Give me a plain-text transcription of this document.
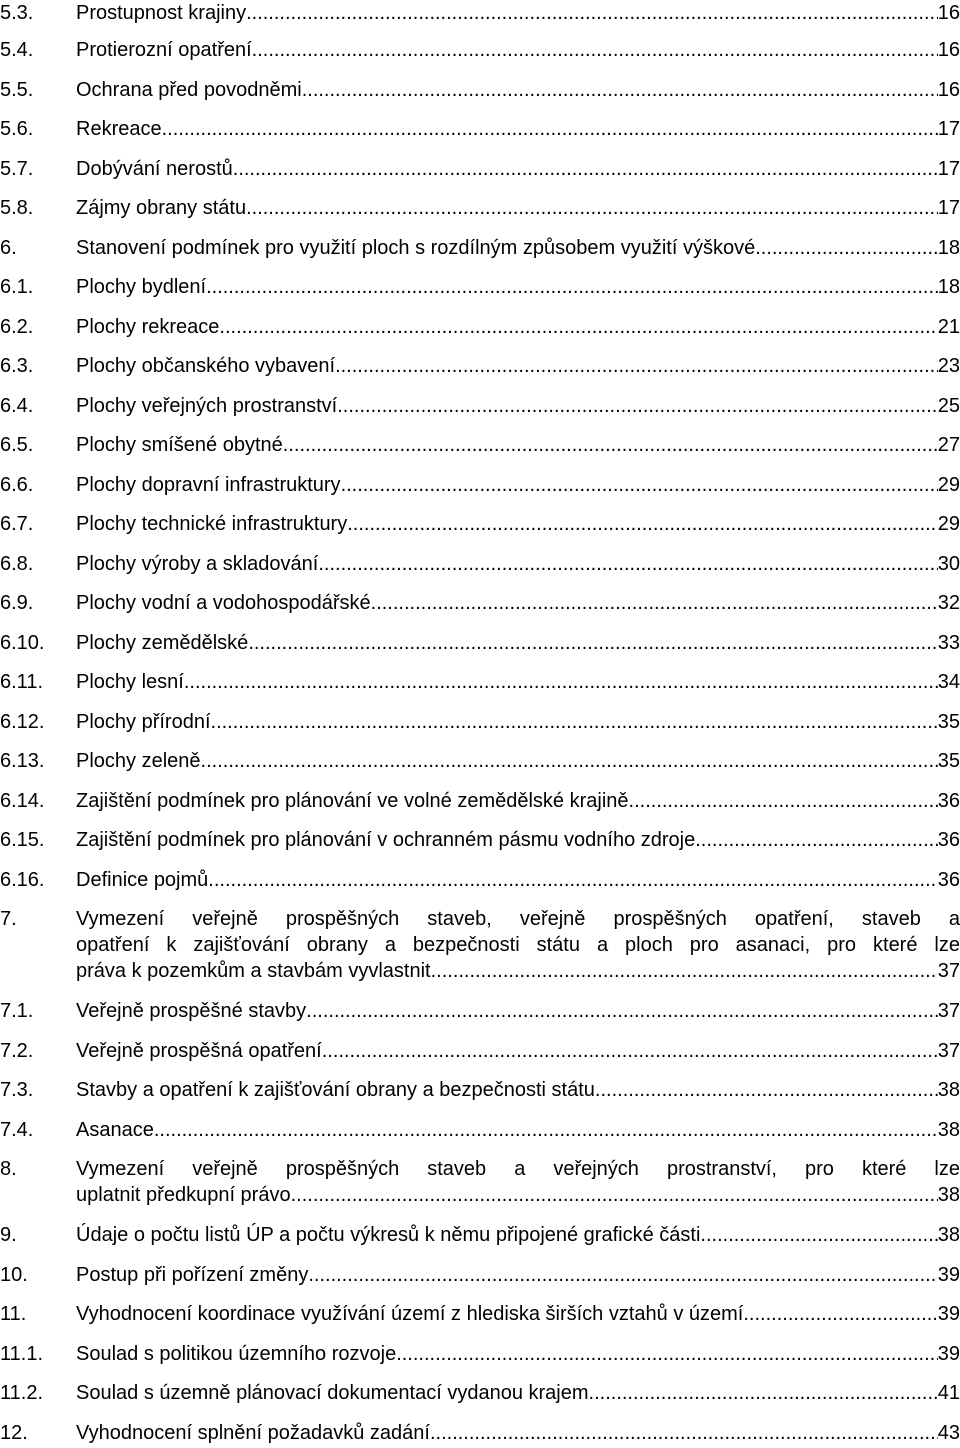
5.3. Prostupnost krajiny .....	16
5.4. Protierozní opatření .....	16
5.5. Ochrana před povodněmi .....	16
5.6. Rekreace .....	17
5.7. Dobývání nerostů .....	17
5.8. Zájmy obrany státu .....	17
6.	Stanovení podmínek pro využití ploch s rozdílným způsobem využití výškové .....	18
6.1. Plochy bydlení .....	18
6.2. Plochy rekreace .....	21
6.3. Plochy občanského vybavení .....	23
6.4. Plochy veřejných prostranství .....	25
6.5. Plochy smíšené obytné .....	27
6.6. Plochy dopravní infrastruktury .....	29
6.7. Plochy technické infrastruktury .....	29
6.8. Plochy výroby a skladování .....	30
6.9. Plochy vodní a vodohospodářské .....	32
6.10. Plochy zemědělské .....	33
6.11. Plochy lesní .....	34
6.12. Plochy přírodní .....	35
6.13. Plochy zeleně .....	35
6.14. Zajištění podmínek pro plánování ve volné zemědělské krajině .....	36
6.15. Zajištění podmínek pro plánování v ochranném pásmu vodního zdroje .....	36
6.16. Definice pojmů .....	36
7.	Vymezení veřejně prospěšných staveb, veřejně prospěšných opatření, staveb a
opatření k zajišťování obrany a bezpečnosti státu a ploch pro asanaci, pro které lze
práva k pozemkům a stavbám vyvlastnit .....	37
7.1. Veřejně prospěšné stavby .....	37
7.2. Veřejně prospěšná opatření .....	37
7.3. Stavby a opatření k zajišťování obrany a bezpečnosti státu .....	38
7.4. Asanace .....	38
8.	Vymezení veřejně prospěšných staveb a veřejných prostranství, pro které lze
uplatnit předkupní právo .....	38
9.	Údaje o počtu listů ÚP a počtu výkresů k němu připojené grafické části .....	38
10. Postup při pořízení změny .....	39
11. Vyhodnocení koordinace využívání území z hlediska širších vztahů v území .....	39
11.1. Soulad s politikou územního rozvoje .....	39
11.2. Soulad s územně plánovací dokumentací vydanou krajem .....	41
12. Vyhodnocení splnění požadavků zadání .....	43
